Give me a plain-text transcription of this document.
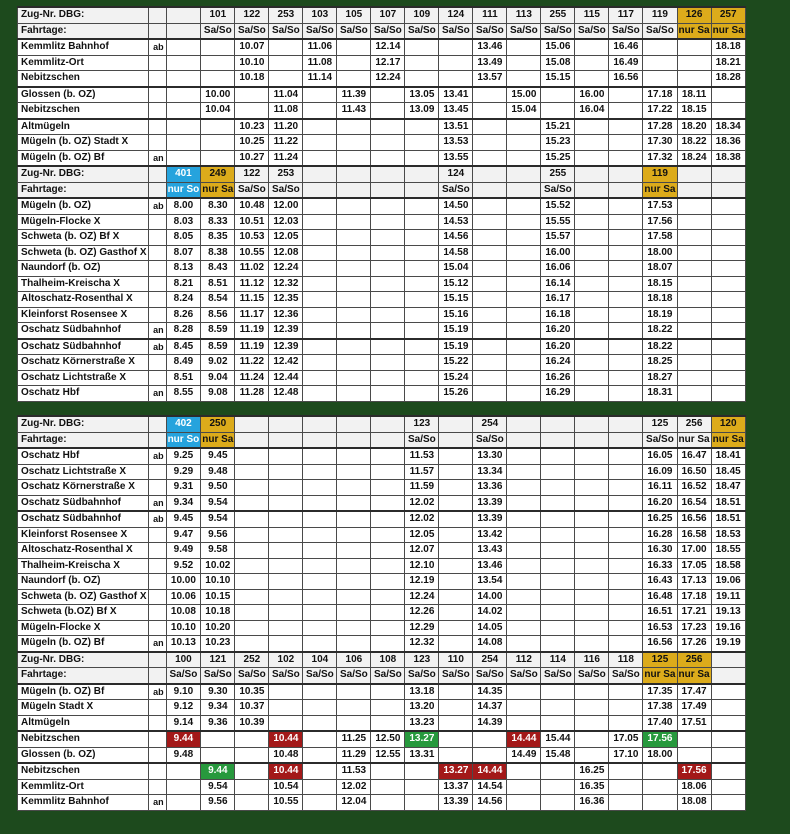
Zug-Nr. DBG:			101	122	253	103	105	107	109	124	111	113	255	115	117	119	126	257
Fahrtage:			Sa/So	Sa/So	Sa/So	Sa/So	Sa/So	Sa/So	Sa/So	Sa/So	Sa/So	Sa/So	Sa/So	Sa/So	Sa/So	Sa/So	nur Sa	nur Sa
Kemmlitz Bahnhof	ab			10.07		11.06		12.14			13.46		15.06		16.46			18.18
Kemmlitz-Ort				10.10		11.08		12.17			13.49		15.08		16.49			18.21
Nebitzschen				10.18		11.14		12.24			13.57		15.15		16.56			18.28
Glossen (b. OZ)			10.00		11.04		11.39		13.05	13.41		15.00		16.00		17.18	18.11	
Nebitzschen			10.04		11.08		11.43		13.09	13.45		15.04		16.04		17.22	18.15	
Altmügeln				10.23	11.20					13.51			15.21			17.28	18.20	18.34
Mügeln (b. OZ) Stadt X				10.25	11.22					13.53			15.23			17.30	18.22	18.36
Mügeln (b. OZ) Bf	an			10.27	11.24					13.55			15.25			17.32	18.24	18.38
Zug-Nr. DBG:		401	249	122	253					124			255			119		
Fahrtage:		nur So	nur Sa	Sa/So	Sa/So					Sa/So			Sa/So			nur Sa		
Mügeln (b. OZ)	ab	8.00	8.30	10.48	12.00					14.50			15.52			17.53		
Mügeln-Flocke X		8.03	8.33	10.51	12.03					14.53			15.55			17.56		
Schweta (b. OZ) Bf X		8.05	8.35	10.53	12.05					14.56			15.57			17.58		
Schweta (b. OZ) Gasthof X		8.07	8.38	10.55	12.08					14.58			16.00			18.00		
Naundorf (b. OZ)		8.13	8.43	11.02	12.24					15.04			16.06			18.07		
Thalheim-Kreischa X		8.21	8.51	11.12	12.32					15.12			16.14			18.15		
Altoschatz-Rosenthal X		8.24	8.54	11.15	12.35					15.15			16.17			18.18		
Kleinforst Rosensee X		8.26	8.56	11.17	12.36					15.16			16.18			18.19		
Oschatz Südbahnhof	an	8.28	8.59	11.19	12.39					15.19			16.20			18.22		
Oschatz Südbahnhof	ab	8.45	8.59	11.19	12.39					15.19			16.20			18.22		
Oschatz Körnerstraße X		8.49	9.02	11.22	12.42					15.22			16.24			18.25		
Oschatz Lichtstraße X		8.51	9.04	11.24	12.44					15.24			16.26			18.27		
Oschatz Hbf	an	8.55	9.08	11.28	12.48					15.26			16.29			18.31		
Zug-Nr. DBG:		402	250						123		254					125	256	120
Fahrtage:		nur So	nur Sa						Sa/So		Sa/So					Sa/So	nur Sa	nur Sa
Oschatz Hbf	ab	9.25	9.45						11.53		13.30					16.05	16.47	18.41
Oschatz Lichtstraße X		9.29	9.48						11.57		13.34					16.09	16.50	18.45
Oschatz Körnerstraße X		9.31	9.50						11.59		13.36					16.11	16.52	18.47
Oschatz Südbahnhof	an	9.34	9.54						12.02		13.39					16.20	16.54	18.51
Oschatz Südbahnhof	ab	9.45	9.54						12.02		13.39					16.25	16.56	18.51
Kleinforst Rosensee X		9.47	9.56						12.05		13.42					16.28	16.58	18.53
Altoschatz-Rosenthal X		9.49	9.58						12.07		13.43					16.30	17.00	18.55
Thalheim-Kreischa X		9.52	10.02						12.10		13.46					16.33	17.05	18.58
Naundorf (b. OZ)		10.00	10.10						12.19		13.54					16.43	17.13	19.06
Schweta (b. OZ) Gasthof X		10.06	10.15						12.24		14.00					16.48	17.18	19.11
Schweta (b.OZ) Bf X		10.08	10.18						12.26		14.02					16.51	17.21	19.13
Mügeln-Flocke X		10.10	10.20						12.29		14.05					16.53	17.23	19.16
Mügeln (b. OZ) Bf	an	10.13	10.23						12.32		14.08					16.56	17.26	19.19
Zug-Nr. DBG:		100	121	252	102	104	106	108	123	110	254	112	114	116	118	125	256	
Fahrtage:		Sa/So	Sa/So	Sa/So	Sa/So	Sa/So	Sa/So	Sa/So	Sa/So	Sa/So	Sa/So	Sa/So	Sa/So	Sa/So	Sa/So	nur Sa	nur Sa	
Mügeln (b. OZ) Bf	ab	9.10	9.30	10.35					13.18		14.35					17.35	17.47	
Mügeln Stadt X		9.12	9.34	10.37					13.20		14.37					17.38	17.49	
Altmügeln		9.14	9.36	10.39					13.23		14.39					17.40	17.51	
Nebitzschen		9.44			10.44		11.25	12.50	13.27			14.44	15.44		17.05	17.56		
Glossen (b. OZ)		9.48			10.48		11.29	12.55	13.31			14.49	15.48		17.10	18.00		
Nebitzschen			9.44		10.44		11.53			13.27	14.44			16.25			17.56	
Kemmlitz-Ort			9.54		10.54		12.02			13.37	14.54			16.35			18.06	
Kemmlitz Bahnhof	an		9.56		10.55		12.04			13.39	14.56			16.36			18.08	
